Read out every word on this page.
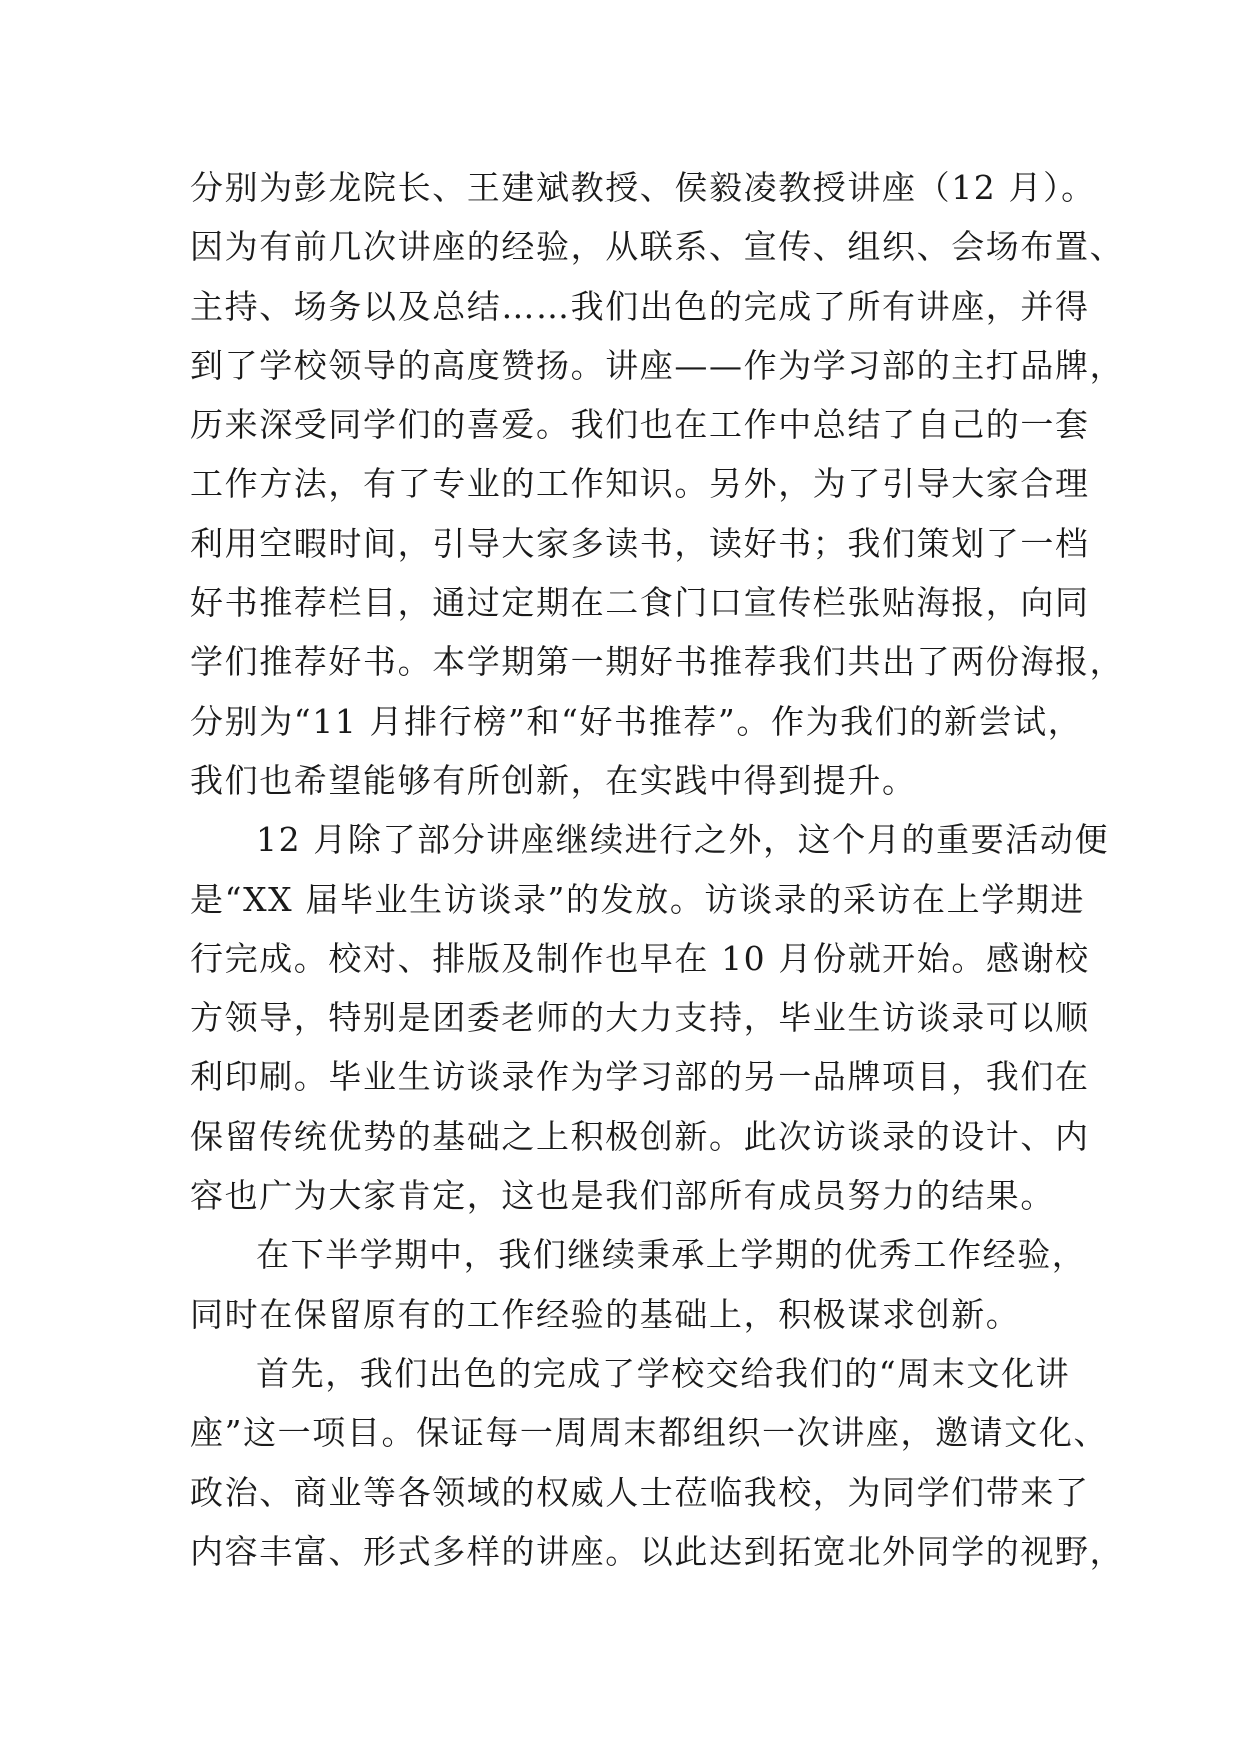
分别为彭龙院长、王建斌教授、侯毅凌教授讲座（12 月）。
因为有前几次讲座的经验，从联系、宣传、组织、会场布置、
主持、场务以及总结……我们出色的完成了所有讲座，并得
到了学校领导的高度赞扬。讲座——作为学习部的主打品牌，
历来深受同学们的喜爱。我们也在工作中总结了自己的一套
工作方法，有了专业的工作知识。另外，为了引导大家合理
利用空暇时间，引导大家多读书，读好书；我们策划了一档
好书推荐栏目，通过定期在二食门口宣传栏张贴海报，向同
学们推荐好书。本学期第一期好书推荐我们共出了两份海报，
分别为“11 月排行榜”和“好书推荐”。作为我们的新尝试，
我们也希望能够有所创新，在实践中得到提升。
12 月除了部分讲座继续进行之外，这个月的重要活动便
是“XX 届毕业生访谈录”的发放。访谈录的采访在上学期进
行完成。校对、排版及制作也早在 10 月份就开始。感谢校
方领导，特别是团委老师的大力支持，毕业生访谈录可以顺
利印刷。毕业生访谈录作为学习部的另一品牌项目，我们在
保留传统优势的基础之上积极创新。此次访谈录的设计、内
容也广为大家肯定，这也是我们部所有成员努力的结果。
在下半学期中，我们继续秉承上学期的优秀工作经验，
同时在保留原有的工作经验的基础上，积极谋求创新。
首先，我们出色的完成了学校交给我们的“周末文化讲
座”这一项目。保证每一周周末都组织一次讲座，邀请文化、
政治、商业等各领域的权威人士莅临我校，为同学们带来了
内容丰富、形式多样的讲座。以此达到拓宽北外同学的视野，
